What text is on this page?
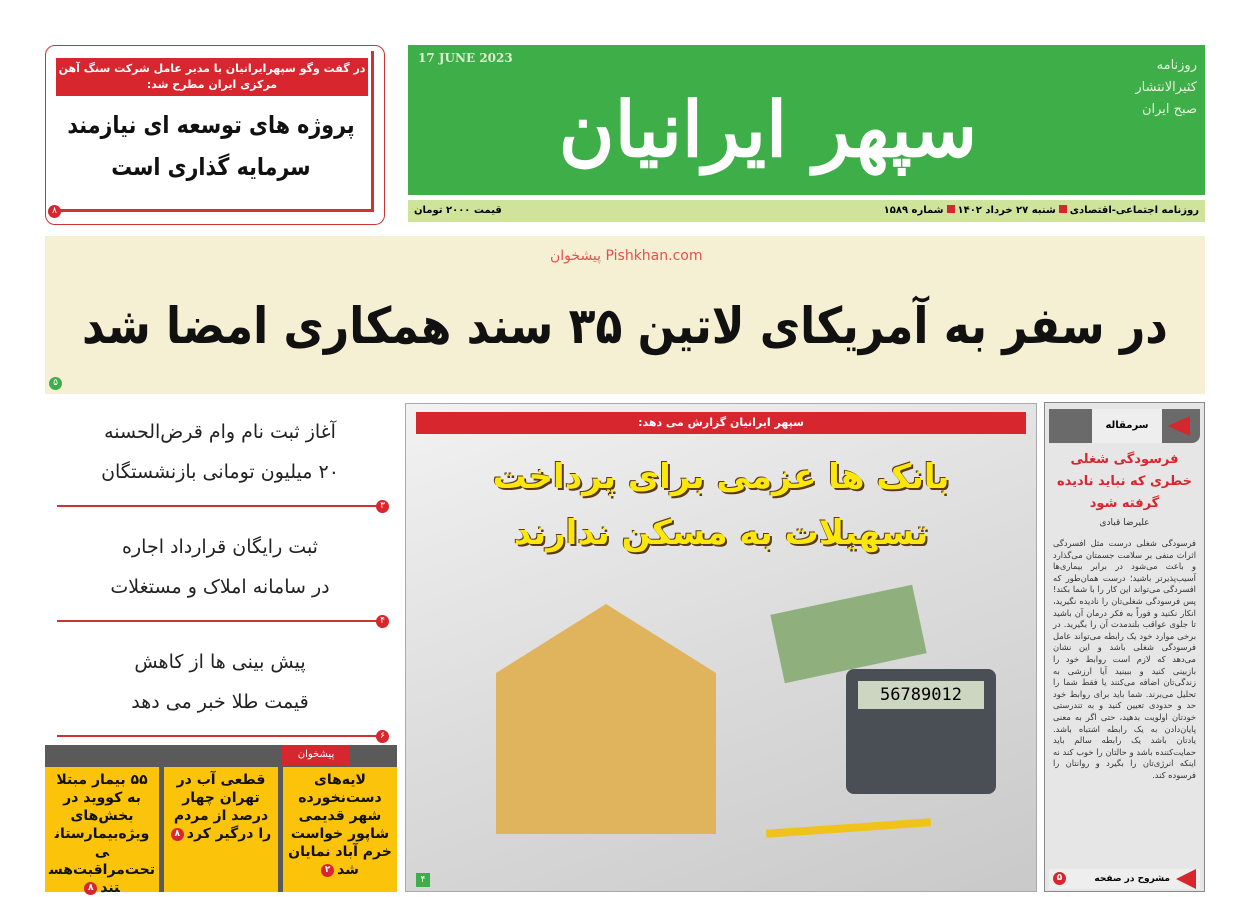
در گفت وگو سپهرایرانیان با مدیر عامل شرکت سنگ آهن مرکزی ایران مطرح شد:
پروژه های توسعه ای نیازمند
سرمایه گذاری است
۸
17 JUNE 2023
سپهر ایرانیان
روزنامه
کثیرالانتشار
صبح ایران
روزنامه اجتماعی-اقتصادیشنبه ۲۷ خرداد ۱۴۰۲شماره ۱۵۸۹
قیمت ۲۰۰۰ تومان
پیشخوان Pishkhan.com
در سفر به آمریکای لاتین ۳۵ سند همکاری امضا شد
۵
آغاز ثبت نام وام قرض‌الحسنه
۲۰ میلیون تومانی بازنشستگان
۳
ثبت رایگان قرارداد اجاره
در سامانه املاک و مستغلات
۴
پیش بینی ها از کاهش
قیمت طلا خبر می دهد
۶
پیشخوان
لایه‌های دست‌نخورده شهر قدیمی شاپور خواست خرم آباد نمایان شد۲
قطعی آب در تهران چهار درصد از مردم را درگیر کرد۸
۵۵ بیمار مبتلا به کووید در بخش‌های ویژه‌بیمارستانی تحت‌مراقبت‌هستند۸
56789012
سپهر ایرانیان گزارش می دهد:
بانک ها عزمی برای پرداخت
تسهیلات به مسکن ندارند
۴
سرمقاله
فرسودگی شغلی خطری که نباید نادیده گرفته شود
علیرضا قبادی
فرسودگی شغلی درست مثل افسردگی اثرات منفی بر سلامت جسمتان می‌گذارد و باعث می‌شود در برابر بیماری‌ها آسیب‌پذیرتر باشید؛ درست همان‌طور که افسردگی می‌تواند این کار را با شما بکند! پس فرسودگی شغلی‌تان را نادیده نگیرید، انکار نکنید و فوراً به فکر درمان آن باشید تا جلوی عواقب بلندمدت آن را بگیرید. در برخی موارد خود یک رابطه می‌تواند عامل فرسودگی شغلی باشد و این نشان می‌دهد که لازم است روابط خود را بازبینی کنید و ببینید آیا ارزشی به زندگی‌تان اضافه می‌کنند یا فقط شما را تحلیل می‌برند. شما باید برای روابط خود حد و حدودی تعیین کنید و به تندرستی خودتان اولویت بدهید، حتی اگر به معنی پایان‌دادن به یک رابطه اشتباه باشد. یادتان باشد یک رابطه سالم باید حمایت‌کننده باشد و حالتان را خوب کند نه اینکه انرژی‌تان را بگیرد و روانتان را فرسوده کند.
مشروح در صفحه
۵
